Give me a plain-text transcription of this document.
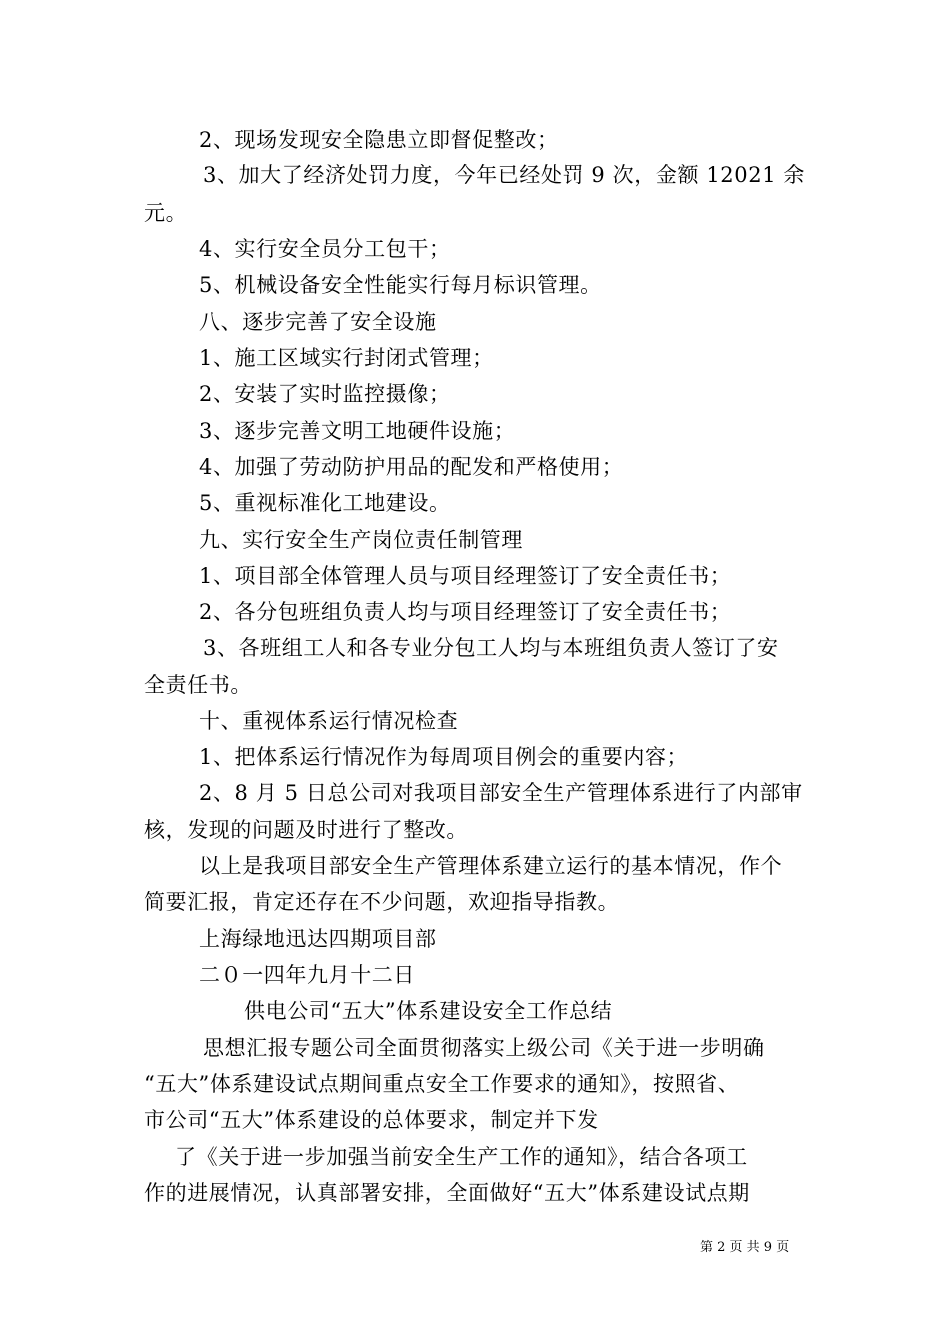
2、现场发现安全隐患立即督促整改；
3、加大了经济处罚力度，今年已经处罚 9 次，金额 12021 余
元。
4、实行安全员分工包干；
5、机械设备安全性能实行每月标识管理。
八、逐步完善了安全设施
1、施工区域实行封闭式管理；
2、安装了实时监控摄像；
3、逐步完善文明工地硬件设施；
4、加强了劳动防护用品的配发和严格使用；
5、重视标准化工地建设。
九、实行安全生产岗位责任制管理
1、项目部全体管理人员与项目经理签订了安全责任书；
2、各分包班组负责人均与项目经理签订了安全责任书；
3、各班组工人和各专业分包工人均与本班组负责人签订了安
全责任书。
十、重视体系运行情况检查
1、把体系运行情况作为每周项目例会的重要内容；
2、8 月 5 日总公司对我项目部安全生产管理体系进行了内部审
核，发现的问题及时进行了整改。
以上是我项目部安全生产管理体系建立运行的基本情况，作个
简要汇报，肯定还存在不少问题，欢迎指导指教。
上海绿地迅达四期项目部
二０一四年九月十二日
供电公司“五大”体系建设安全工作总结
思想汇报专题公司全面贯彻落实上级公司《关于进一步明确
“五大”体系建设试点期间重点安全工作要求的通知》，按照省、
市公司“五大”体系建设的总体要求，制定并下发
了《关于进一步加强当前安全生产工作的通知》，结合各项工
作的进展情况，认真部署安排，全面做好“五大”体系建设试点期
第 2 页 共 9 页
